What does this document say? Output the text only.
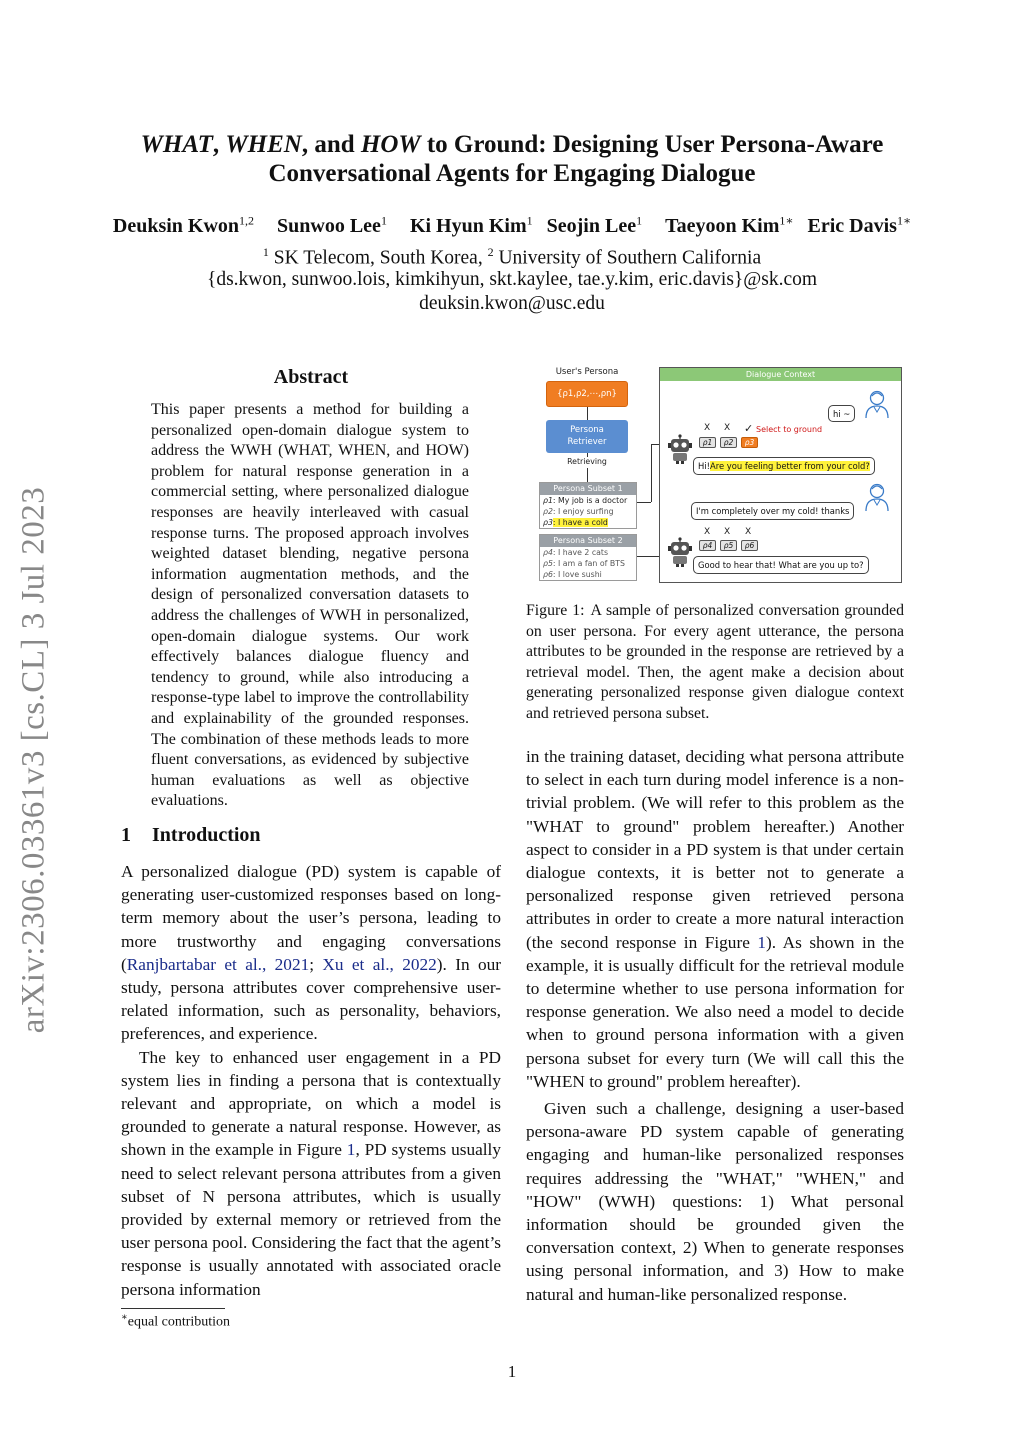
arXiv:2306.03361v3 [cs.CL] 3 Jul 2023
WHAT, WHEN, and HOW to Ground: Designing User Persona-Aware
Conversational Agents for Engaging Dialogue
Deuksin Kwon$^{1,2}$ Sunwoo Lee$^1$ Ki Hyun Kim$^1$ Seojin Lee$^1$ Taeyoon Kim$^{1∗}$ Eric Davis$^{1∗}$
$^1$ SK Telecom, South Korea, $^2$ University of Southern California
{ds.kwon, sunwoo.lois, kimkihyun, skt.kaylee, tae.y.kim, eric.davis}@sk.com
deuksin.kwon@usc.edu
Abstract
This paper presents a method for building a personalized open-domain dialogue system to address the WWH (WHAT, WHEN, and HOW) problem for natural response generation in a commercial setting, where personalized dialogue responses are heavily interleaved with casual response turns. The proposed approach involves weighted dataset blending, negative persona information augmentation methods, and the design of personalized conversation datasets to address the challenges of WWH in personalized, open-domain dialogue systems. Our work effectively balances dialogue fluency and tendency to ground, while also introducing a response-type label to improve the controllability and explainability of the grounded responses. The combination of these methods leads to more fluent conversations, as evidenced by subjective human evaluations as well as objective evaluations.
1 Introduction

A personalized dialogue (PD) system is capable of generating user-customized responses based on long-term memory about the user’s persona, leading to more trustworthy and engaging conversations (Ranjbartabar et al., 2021; Xu et al., 2022). In our study, persona attributes cover comprehensive user-related information, such as personality, behaviors, preferences, and experience.

The key to enhanced user engagement in a PD system lies in finding a persona that is contextually relevant and appropriate, on which a model is grounded to generate a natural response. However, as shown in the example in Figure 1, PD systems usually need to select relevant persona attributes from a given subset of N persona attributes, which is usually provided by external memory or retrieved from the user persona pool. Considering the fact that the agent’s response is usually annotated with associated oracle persona information

∗equal contribution
User's Persona
{ρ1,ρ2,⋯,ρn}
Persona
Retriever
Retrieving
Persona Subset 1
ρ1: My job is a doctor
ρ2: I enjoy surfing
ρ3: I have a cold
Persona Subset 2
ρ4: I have 2 cats
ρ5: I am a fan of BTS
ρ6: I love sushi
Dialogue Context
hi ~
X X ✓ Select to ground
ρ1	ρ2	ρ3
Hi! Are you feeling better from your cold?
I'm completely over my cold! thanks
X X X
ρ4	ρ5	ρ6
Good to hear that! What are you up to?
Figure 1: A sample of personalized conversation grounded on user persona. For every agent utterance, the persona attributes to be grounded in the response are retrieved by a retrieval model. Then, the agent make a decision about generating personalized response given dialogue context and retrieved persona subset.

in the training dataset, deciding what persona attribute to select in each turn during model inference is a non-trivial problem. (We will refer to this problem as the "WHAT to ground" problem hereafter.) Another aspect to consider in a PD system is that under certain dialogue contexts, it is better not to generate a personalized response given retrieved persona attributes in order to create a more natural interaction (the second response in Figure 1). As shown in the example, it is usually difficult for the retrieval module to determine whether to use persona information for response generation. We also need a model to decide when to ground persona information with a given persona subset for every turn (We will call this the "WHEN to ground" problem hereafter).

Given such a challenge, designing a user-based persona-aware PD system capable of generating engaging and human-like personalized responses requires addressing the "WHAT," "WHEN," and "HOW" (WWH) questions: 1) What personal information should be grounded given the conversation context, 2) When to generate responses using personal information, and 3) How to make natural and human-like personalized response.

1
